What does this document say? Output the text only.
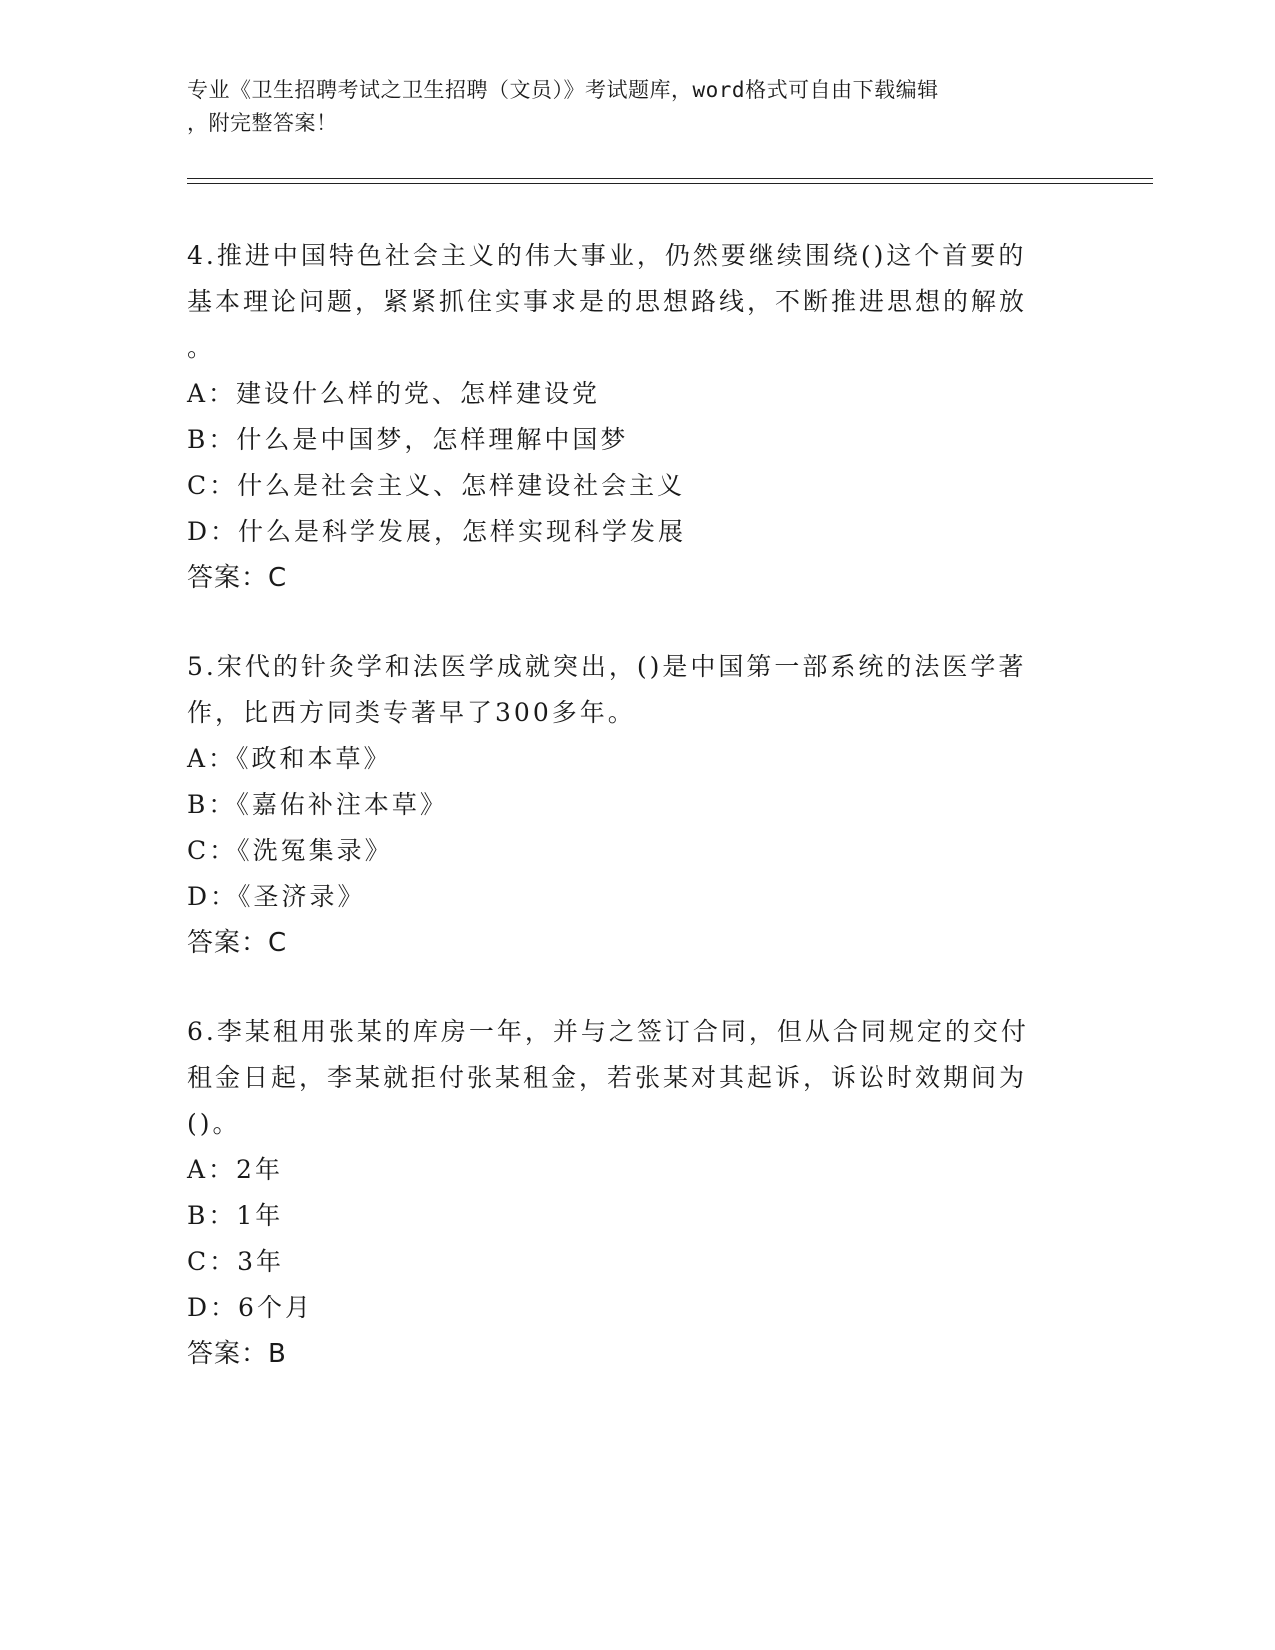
专业《卫生招聘考试之卫生招聘（文员）》考试题库，word格式可自由下载编辑
，附完整答案！
4.推进中国特色社会主义的伟大事业，仍然要继续围绕()这个首要的
基本理论问题，紧紧抓住实事求是的思想路线，不断推进思想的解放
。
A：建设什么样的党、怎样建设党
B：什么是中国梦，怎样理解中国梦
C：什么是社会主义、怎样建设社会主义
D：什么是科学发展，怎样实现科学发展
答案：C
5.宋代的针灸学和法医学成就突出，()是中国第一部系统的法医学著
作，比西方同类专著早了300多年。
A：《政和本草》
B：《嘉佑补注本草》
C：《洗冤集录》
D：《圣济录》
答案：C
6.李某租用张某的库房一年，并与之签订合同，但从合同规定的交付
租金日起，李某就拒付张某租金，若张某对其起诉，诉讼时效期间为
()。
A：2年
B：1年
C：3年
D：6个月
答案：B
